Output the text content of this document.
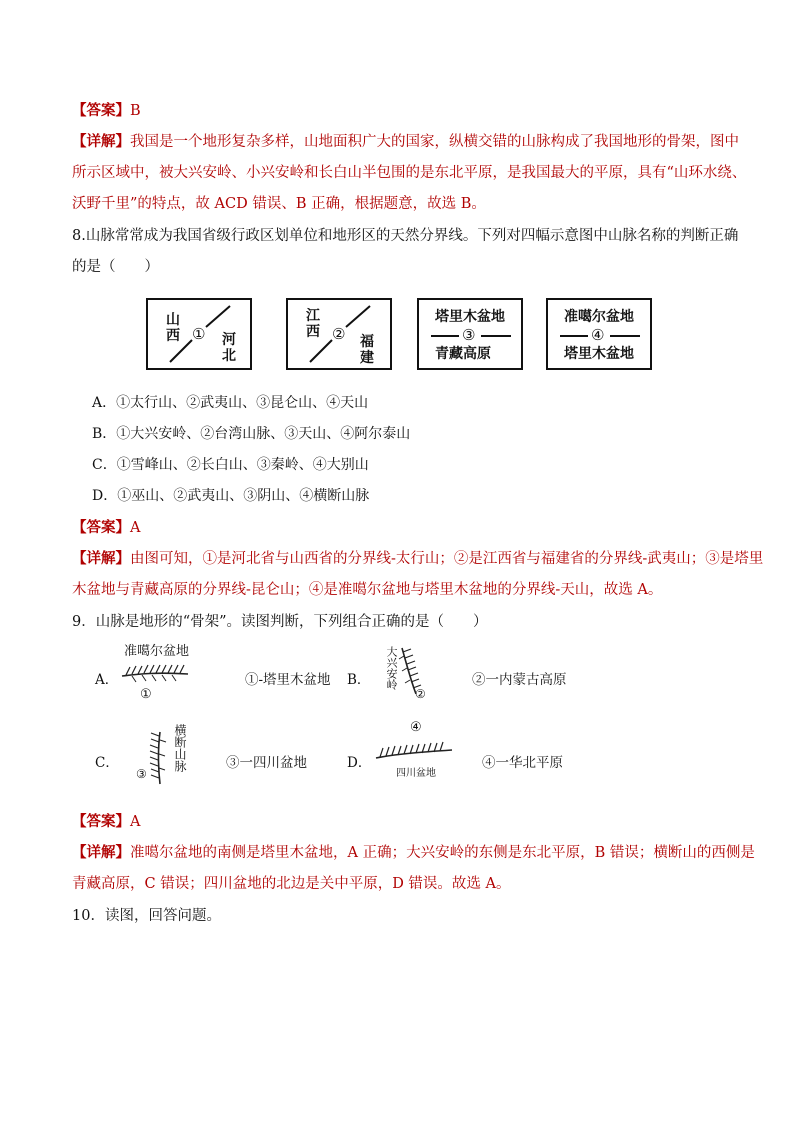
【答案】B
【详解】我国是一个地形复杂多样，山地面积广大的国家，纵横交错的山脉构成了我国地形的骨架，图中
所示区域中，被大兴安岭、小兴安岭和长白山半包围的是东北平原，是我国最大的平原，具有“山环水绕、
沃野千里”的特点，故 ACD 错误、B 正确，根据题意，故选 B。
8.山脉常常成为我国省级行政区划单位和地形区的天然分界线。下列对四幅示意图中山脉名称的判断正确
的是（　　）
山
西 ① 河
北
江
西 ② 福
建
塔里木盆地
③
青藏高原
准噶尔盆地
④
塔里木盆地
A．①太行山、②武夷山、③昆仑山、④天山
B．①大兴安岭、②台湾山脉、③天山、④阿尔泰山
C．①雪峰山、②长白山、③秦岭、④大别山
D．①巫山、②武夷山、③阴山、④横断山脉
【答案】A
【详解】由图可知，①是河北省与山西省的分界线-太行山；②是江西省与福建省的分界线-武夷山；③是塔里
木盆地与青藏高原的分界线-昆仑山；④是准噶尔盆地与塔里木盆地的分界线-天山，故选 A。
9．山脉是地形的“骨架”。读图判断，下列组合正确的是（　　）
A．
准噶尔盆地
①
①-塔里木盆地 B． 大兴安岭
②
②一内蒙古高原
C．	横断山脉
③
③一四川盆地	D．
④
四川盆地
④一华北平原
【答案】A
【详解】准噶尔盆地的南侧是塔里木盆地，A 正确；大兴安岭的东侧是东北平原，B 错误；横断山的西侧是
青藏高原，C 错误；四川盆地的北边是关中平原，D 错误。故选 A。
10．读图，回答问题。
